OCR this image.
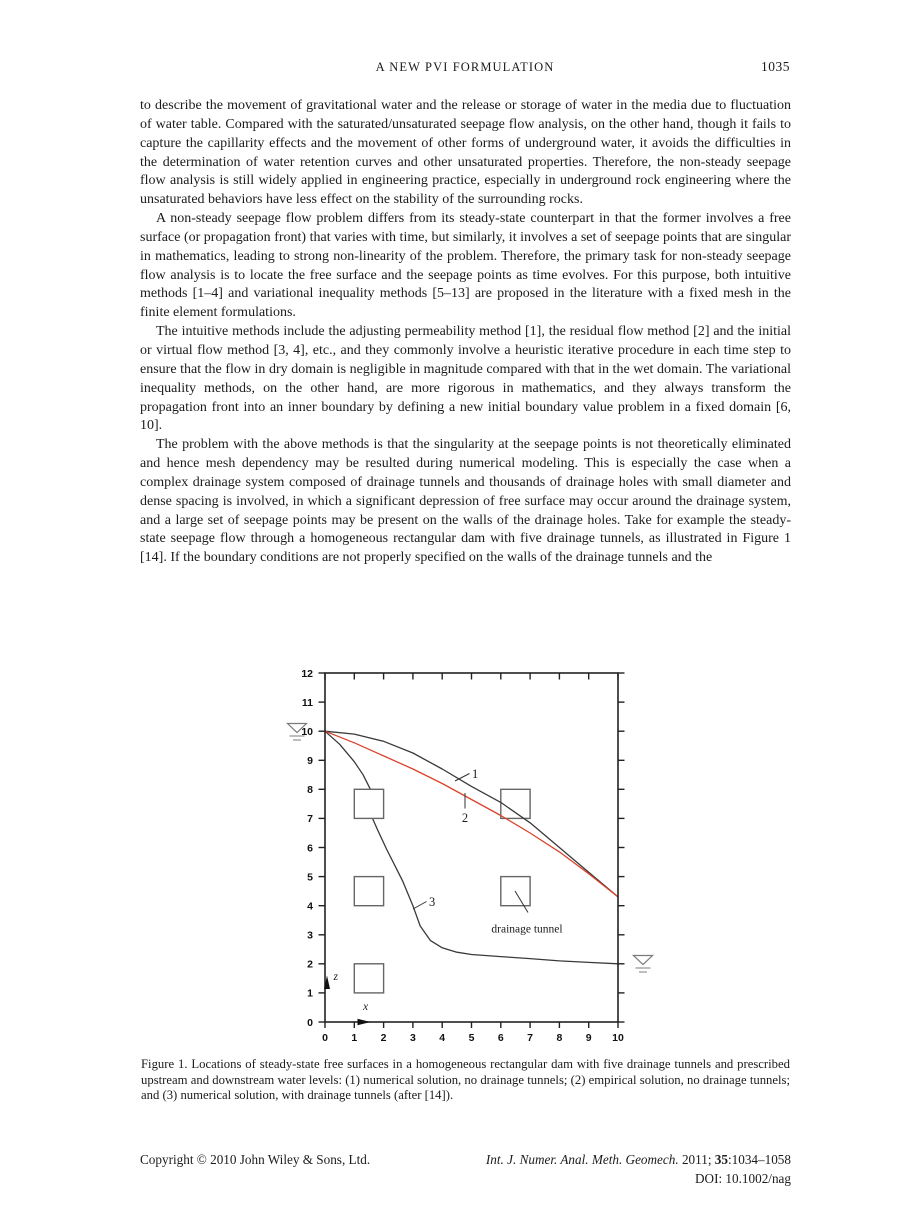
A NEW PVI FORMULATION	1035

to describe the movement of gravitational water and the release or storage of water in the media due to fluctuation of water table. Compared with the saturated/unsaturated seepage flow analysis, on the other hand, though it fails to capture the capillarity effects and the movement of other forms of underground water, it avoids the difficulties in the determination of water retention curves and other unsaturated properties. Therefore, the non-steady seepage flow analysis is still widely applied in engineering practice, especially in underground rock engineering where the unsaturated behaviors have less effect on the stability of the surrounding rocks.

A non-steady seepage flow problem differs from its steady-state counterpart in that the former involves a free surface (or propagation front) that varies with time, but similarly, it involves a set of seepage points that are singular in mathematics, leading to strong non-linearity of the problem. Therefore, the primary task for non-steady seepage flow analysis is to locate the free surface and the seepage points as time evolves. For this purpose, both intuitive methods [1–4] and variational inequality methods [5–13] are proposed in the literature with a fixed mesh in the finite element formulations.

The intuitive methods include the adjusting permeability method [1], the residual flow method [2] and the initial or virtual flow method [3, 4], etc., and they commonly involve a heuristic iterative procedure in each time step to ensure that the flow in dry domain is negligible in magnitude compared with that in the wet domain. The variational inequality methods, on the other hand, are more rigorous in mathematics, and they always transform the propagation front into an inner boundary by defining a new initial boundary value problem in a fixed domain [6, 10].

The problem with the above methods is that the singularity at the seepage points is not theoretically eliminated and hence mesh dependency may be resulted during numerical modeling. This is especially the case when a complex drainage system composed of drainage tunnels and thousands of drainage holes with small diameter and dense spacing is involved, in which a significant depression of free surface may occur around the drainage system, and a large set of seepage points may be present on the walls of the drainage holes. Take for example the steady-state seepage flow through a homogeneous rectangular dam with five drainage tunnels, as illustrated in Figure 1 [14]. If the boundary conditions are not properly specified on the walls of the drainage tunnels and the

0 1 2 3 4 5 6 7 8 9 10
0
1
2
3
4
5
6
7
8
9
10
11
12
1
2
3
drainage tunnel
z
x
Figure 1. Locations of steady-state free surfaces in a homogeneous rectangular dam with five drainage tunnels and prescribed upstream and downstream water levels: (1) numerical solution, no drainage tunnels; (2) empirical solution, no drainage tunnels; and (3) numerical solution, with drainage tunnels (after [14]).
Copyright © 2010 John Wiley & Sons, Ltd.	Int. J. Numer. Anal. Meth. Geomech. 2011; 35:1034–1058
DOI: 10.1002/nag
